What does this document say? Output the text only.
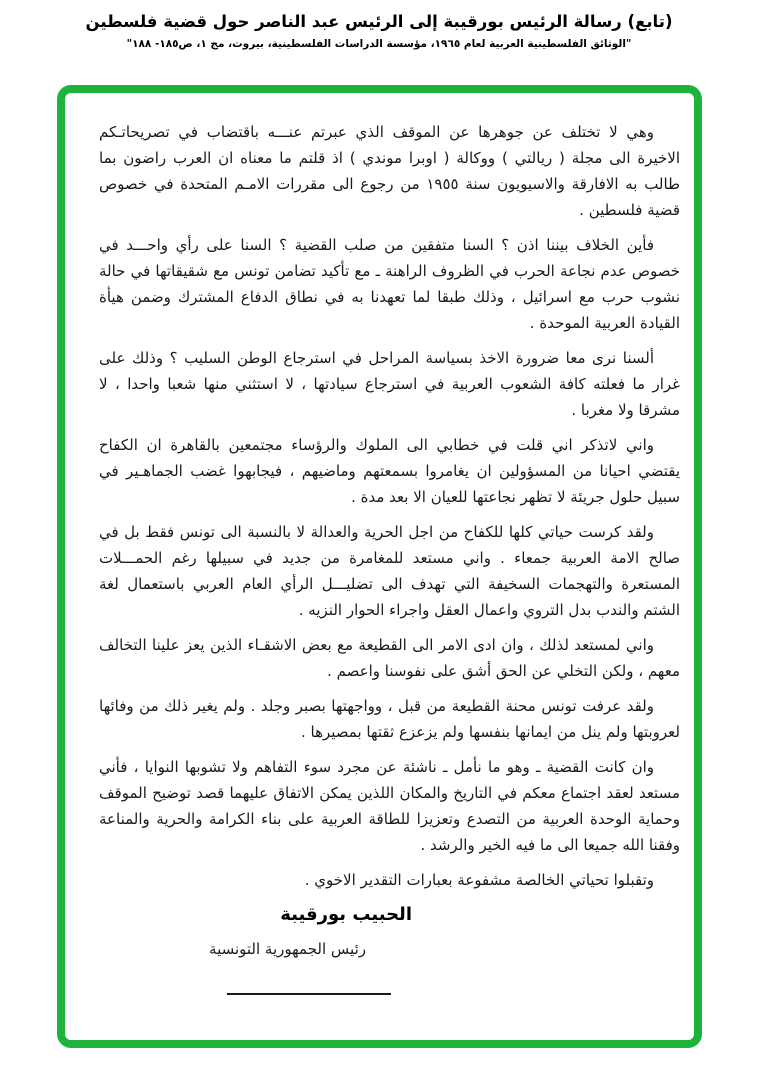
(تابع) رسالة الرئيس بورقيبة إلى الرئيس عبد الناصر حول قضية فلسطين
"الوثائق الفلسطينية العربية لعام ١٩٦٥، مؤسسة الدراسات الفلسطينية، بيروت، مج ١، ص١٨٥- ١٨٨"

وهي لا تختلف عن جوهرها عن الموقف الذي عبرتم عنـــه باقتضاب في تصريحاتـكم الاخيرة الى مجلة ( ريالتي ) ووكالة ( اوبرا موندي ) اذ قلتم ما معناه ان العرب راضون بما طالب به الافارقة والاسيويون سنة ١٩٥٥ من رجوع الى مقررات الامـم المتحدة في خصوص قضية فلسطين .

فأين الخلاف بيننا اذن ؟ السنا متفقين من صلب القضية ؟ السنا على رأي واحـــد في خصوص عدم نجاعة الحرب في الظروف الراهنة ـ مع تأكيد تضامن تونس مع شقيقاتها في حالة نشوب حرب مع اسرائيل ، وذلك طبقا لما تعهدنا به في نطاق الدفاع المشترك وضمن هيأة القيادة العربية الموحدة .

ألسنا نرى معا ضرورة الاخذ بسياسة المراحل في استرجاع الوطن السليب ؟ وذلك على غرار ما فعلته كافة الشعوب العربية في استرجاع سيادتها ، لا استثني منها شعبا واحدا ، لا مشرقا ولا مغربا .

واني لاتذكر اني قلت في خطابي الى الملوك والرؤساء مجتمعين بالقاهرة ان الكفاح يقتضي احيانا من المسؤولين ان يغامروا بسمعتهم وماضيهم ، فيجابهوا غضب الجماهـير في سبيل حلول جريئة لا تظهر نجاعتها للعيان الا بعد مدة .

ولقد كرست حياتي كلها للكفاح من اجل الحرية والعدالة لا بالنسبة الى تونس فقط بل في صالح الامة العربية جمعاء . واني مستعد للمغامرة من جديد في سبيلها رغم الحمـــلات المستعرة والتهجمات السخيفة التي تهدف الى تضليـــل الرأي العام العربي باستعمال لغة الشتم والندب بدل التروي واعمال العقل واجراء الحوار النزيه .

واني لمستعد لذلك ، وان ادى الامر الى القطيعة مع بعض الاشقـاء الذين يعز علينا التخالف معهم ، ولكن التخلي عن الحق أشق على نفوسنا واعصم .

ولقد عرفت تونس محنة القطيعة من قبل ، وواجهتها بصبر وجلد . ولم يغير ذلك من وفائها لعروبتها ولم ينل من ايمانها بنفسها ولم يزعزع ثقتها بمصيرها .

وان كانت القضية ـ وهو ما نأمل ـ ناشئة عن مجرد سوء التفاهم ولا تشوبها النوايا ، فأني مستعد لعقد اجتماع معكم في التاريخ والمكان اللذين يمكن الاتفاق عليهما قصد توضيح الموقف وحماية الوحدة العربية من التصدع وتعزيزا للطاقة العربية على بناء الكرامة والحرية والمناعة وفقنا الله جميعا الى ما فيه الخير والرشد .

وتقبلوا تحياتي الخالصة مشفوعة بعبارات التقدير الاخوي .

الحبيب بورقيبة
رئيس الجمهورية التونسية
